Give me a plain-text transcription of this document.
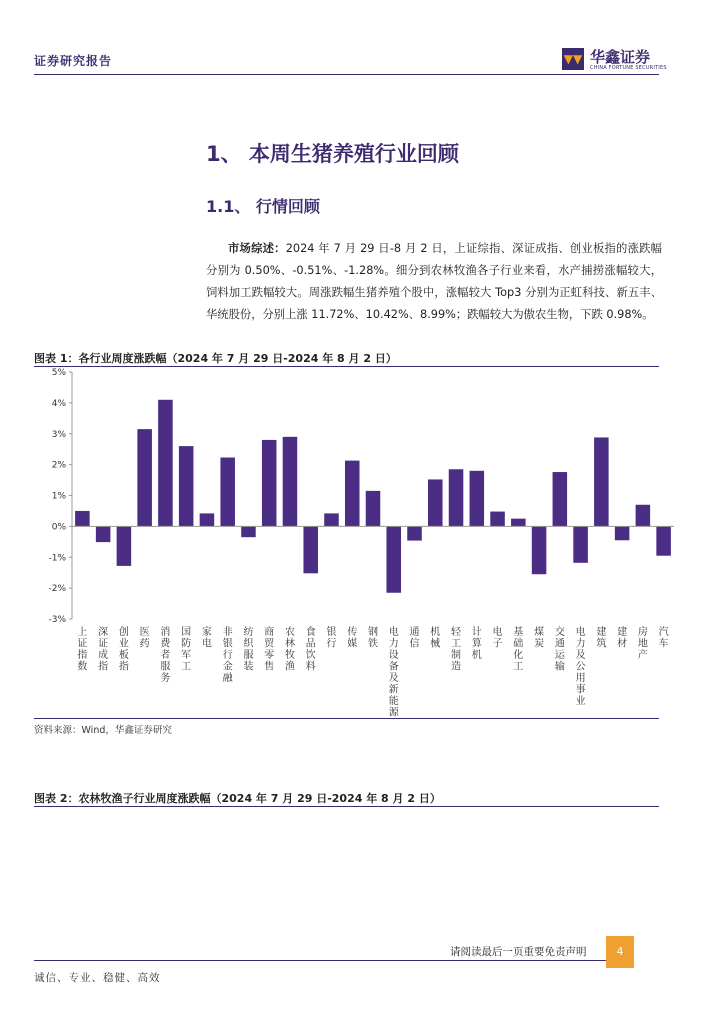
证券研究报告	▼▼ 华鑫证券
CHINA FORTUNE SECURITIES
1、 本周生猪养殖行业回顾
1.1、 行情回顾
市场综述：2024 年 7 月 29 日-8 月 2 日，上证综指、深证成指、创业板指的涨跌幅分别为 0.50%、-0.51%、-1.28%。细分到农林牧渔各子行业来看，水产捕捞涨幅较大，饲料加工跌幅较大。周涨跌幅生猪养殖个股中，涨幅较大 Top3 分别为正虹科技、新五丰、华统股份，分别上涨 11.72%、10.42%、8.99%；跌幅较大为傲农生物，下跌 0.98%。
图表 1：各行业周度涨跌幅（2024 年 7 月 29 日-2024 年 8 月 2 日）
-3%
-2%
-1%
0%
1%
2%
3%
4%
5%
上证指数
深证成指
创业板指
医药
消费者服务
国防军工
家电
非银行金融
纺织服装
商贸零售
农林牧渔
食品饮料
银行
传媒
钢铁
电力设备及新能源
通信
机械
轻工制造
计算机
电子
基础化工
煤炭
交通运输
电力及公用事业
建筑
建材
房地产
汽车
资料来源：Wind，华鑫证券研究
图表 2：农林牧渔子行业周度涨跌幅（2024 年 7 月 29 日-2024 年 8 月 2 日）
请阅读最后一页重要免责声明	4
诚信、专业、稳健、高效
